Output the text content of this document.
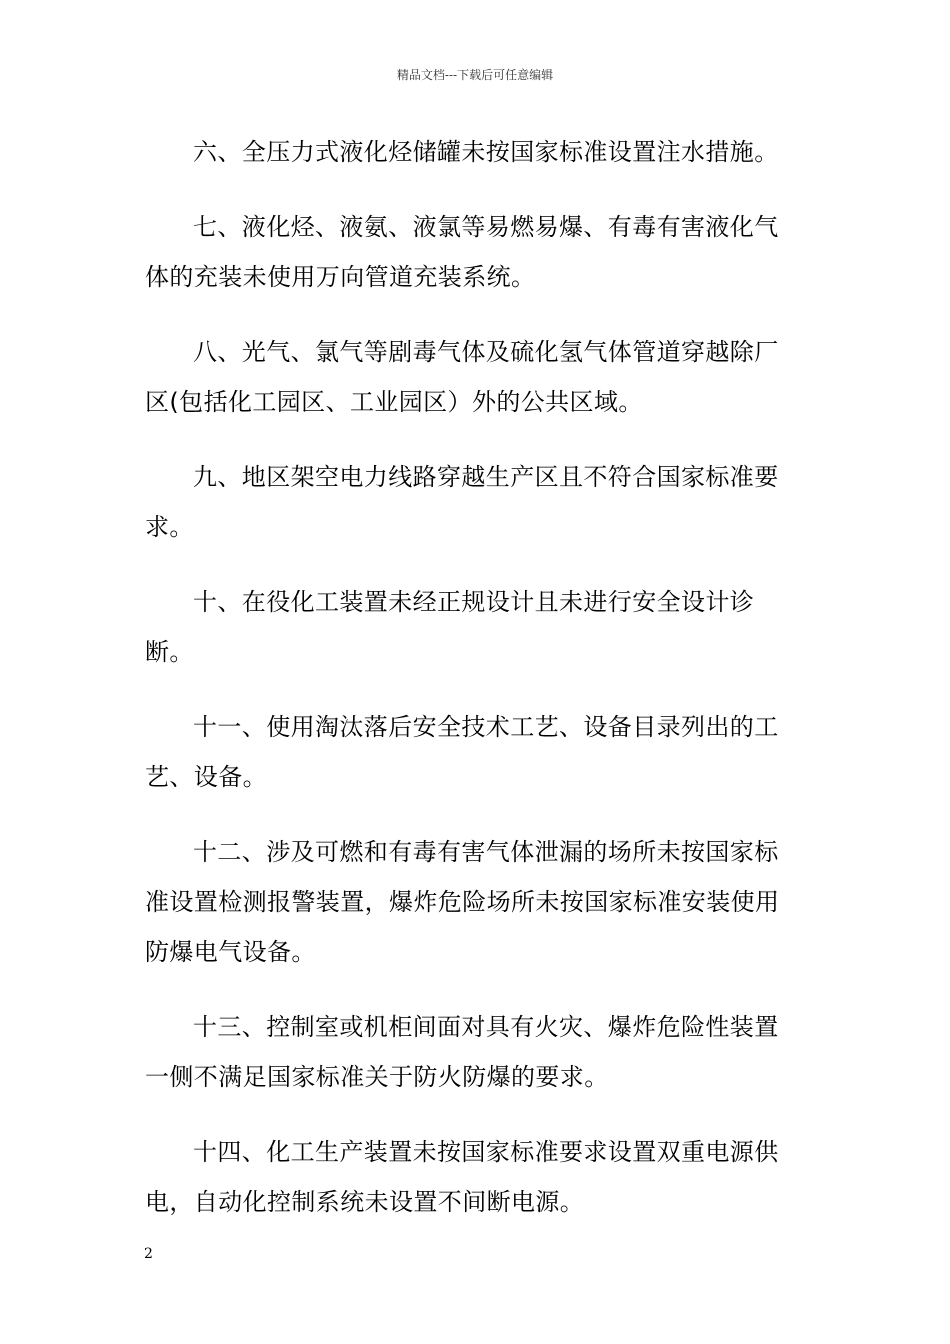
精品文档---下载后可任意编辑

六、全压力式液化烃储罐未按国家标准设置注水措施。

七、液化烃、液氨、液氯等易燃易爆、有毒有害液化气体的充装未使用万向管道充装系统。

八、光气、氯气等剧毒气体及硫化氢气体管道穿越除厂区(包括化工园区、工业园区）外的公共区域。

九、地区架空电力线路穿越生产区且不符合国家标准要求。

十、在役化工装置未经正规设计且未进行安全设计诊断。

十一、使用淘汰落后安全技术工艺、设备目录列出的工艺、设备。

十二、涉及可燃和有毒有害气体泄漏的场所未按国家标准设置检测报警装置，爆炸危险场所未按国家标准安装使用防爆电气设备。

十三、控制室或机柜间面对具有火灾、爆炸危险性装置一侧不满足国家标准关于防火防爆的要求。

十四、化工生产装置未按国家标准要求设置双重电源供电，自动化控制系统未设置不间断电源。

2
